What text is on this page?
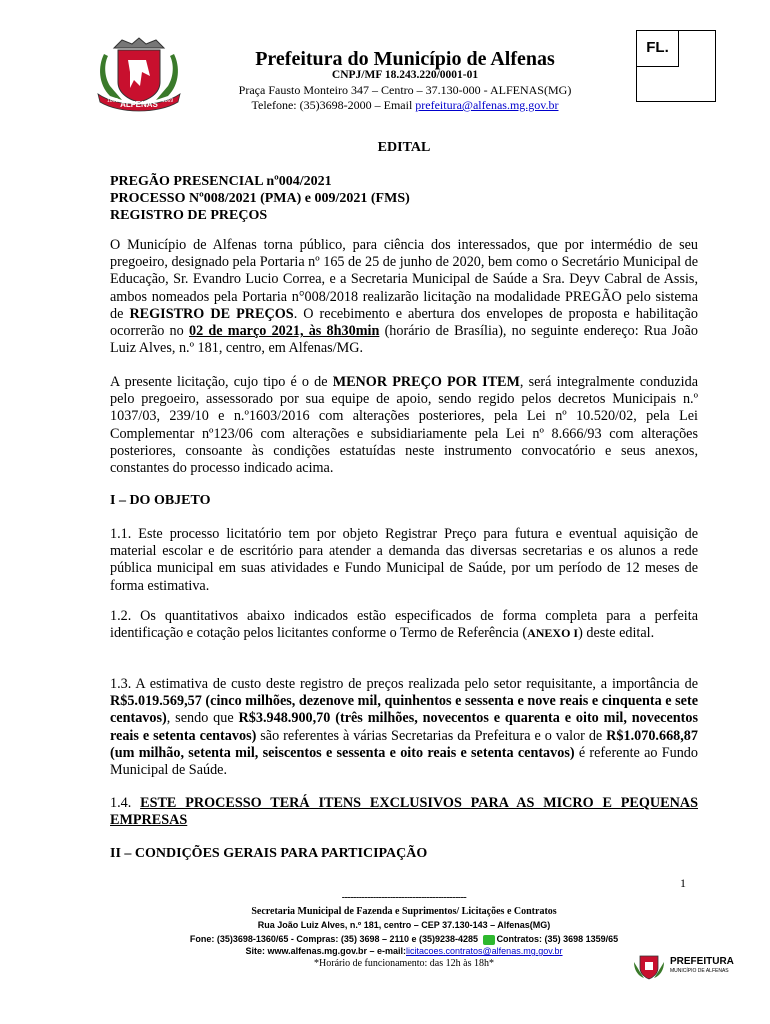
ALFENAS
1869	1869
Prefeitura do Município de Alfenas
CNPJ/MF 18.243.220/0001-01
Praça Fausto Monteiro 347 – Centro – 37.130-000 - ALFENAS(MG)
Telefone: (35)3698-2000 – Email prefeitura@alfenas.mg.gov.br
FL.
EDITAL
PREGÃO PRESENCIAL nº004/2021
PROCESSO Nº008/2021 (PMA) e 009/2021 (FMS)
REGISTRO DE PREÇOS
O Município de Alfenas torna público, para ciência dos interessados, que por intermédio de seu pregoeiro, designado pela Portaria nº 165 de 25 de junho de 2020, bem como o Secretário Municipal de Educação, Sr. Evandro Lucio Correa, e a Secretaria Municipal de Saúde a Sra. Deyv Cabral de Assis, ambos nomeados pela Portaria n°008/2018 realizarão licitação na modalidade PREGÃO pelo sistema de REGISTRO DE PREÇOS. O recebimento e abertura dos envelopes de proposta e habilitação ocorrerão no 02 de março 2021, às 8h30min (horário de Brasília), no seguinte endereço: Rua João Luiz Alves, n.º 181, centro, em Alfenas/MG.
A presente licitação, cujo tipo é o de MENOR PREÇO POR ITEM, será integralmente conduzida pelo pregoeiro, assessorado por sua equipe de apoio, sendo regido pelos decretos Municipais n.º 1037/03, 239/10 e n.º1603/2016 com alterações posteriores, pela Lei nº 10.520/02, pela Lei Complementar nº123/06 com alterações e subsidiariamente pela Lei nº 8.666/93 com alterações posteriores, consoante às condições estatuídas neste instrumento convocatório e seus anexos, constantes do processo indicado acima.
I – DO OBJETO
1.1. Este processo licitatório tem por objeto Registrar Preço para futura e eventual aquisição de material escolar e de escritório para atender a demanda das diversas secretarias e os alunos a rede pública municipal em suas atividades e Fundo Municipal de Saúde, por um período de 12 meses de forma estimativa.
1.2. Os quantitativos abaixo indicados estão especificados de forma completa para a perfeita identificação e cotação pelos licitantes conforme o Termo de Referência (ANEXO I) deste edital.
1.3. A estimativa de custo deste registro de preços realizada pelo setor requisitante, a importância de R$5.019.569,57 (cinco milhões, dezenove mil, quinhentos e sessenta e nove reais e cinquenta e sete centavos), sendo que R$3.948.900,70 (três milhões, novecentos e quarenta e oito mil, novecentos reais e setenta centavos) são referentes à várias Secretarias da Prefeitura e o valor de R$1.070.668,87 (um milhão, setenta mil, seiscentos e sessenta e oito reais e setenta centavos) é referente ao Fundo Municipal de Saúde.
1.4. ESTE PROCESSO TERÁ ITENS EXCLUSIVOS PARA AS MICRO E PEQUENAS EMPRESAS
II – CONDIÇÕES GERAIS PARA PARTICIPAÇÃO
1
--------------------------------------------
Secretaria Municipal de Fazenda e Suprimentos/ Licitações e Contratos
Rua João Luiz Alves, n.º 181, centro – CEP 37.130-143 – Alfenas(MG)
Fone: (35)3698-1360/65 - Compras: (35) 3698 – 2110 e (35)9238-4285 Contratos: (35) 3698 1359/65
Site: www.alfenas.mg.gov.br – e-mail:licitacoes.contratos@alfenas.mg.gov.br
*Horário de funcionamento: das 12h às 18h*	PREFEITURA
MUNICÍPIO DE ALFENAS
